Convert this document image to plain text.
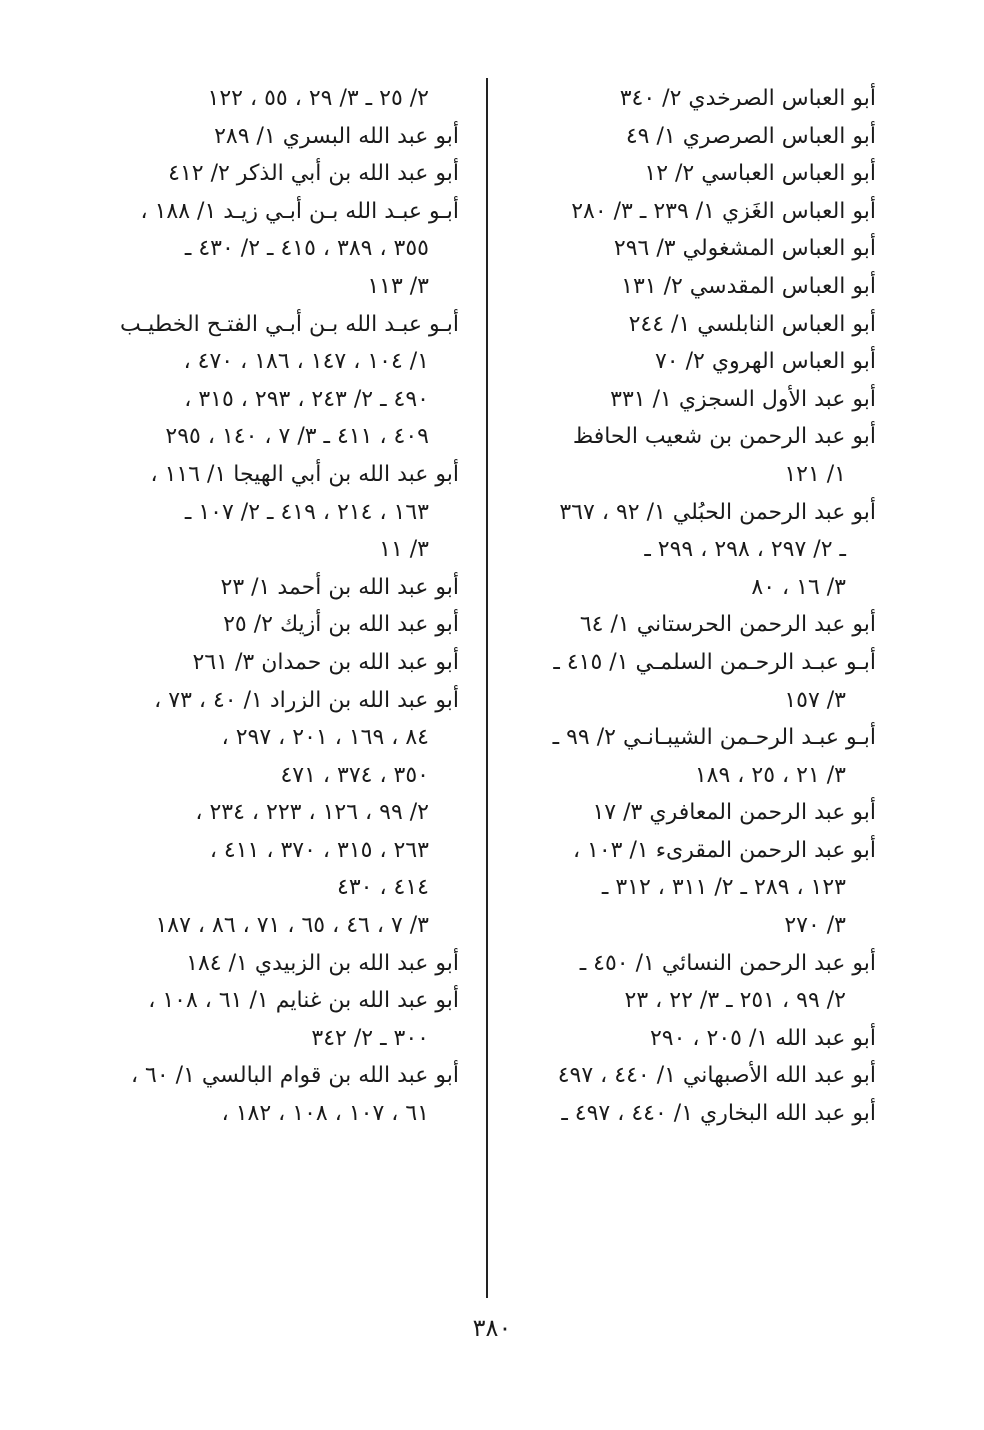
أبو العباس الصرخدي ٢/ ٣٤٠
أبو العباس الصرصري ١/ ٤٩
أبو العباس العباسي ٢/ ١٢
أبو العباس الغَزي ١/ ٢٣٩ ـ ٣/ ٢٨٠
أبو العباس المشغولي ٣/ ٢٩٦
أبو العباس المقدسي ٢/ ١٣١
أبو العباس النابلسي ١/ ٢٤٤
أبو العباس الهروي ٢/ ٧٠
أبو عبد الأول السجزي ١/ ٣٣١
أبو عبد الرحمن بن شعيب الحافظ
١/ ١٢١
أبو عبد الرحمن الحبُلي ١/ ٩٢ ، ٣٦٧
ـ ٢/ ٢٩٧ ، ٢٩٨ ، ٢٩٩ ـ
٣/ ١٦ ، ٨٠
أبو عبد الرحمن الحرستاني ١/ ٦٤
أبـو عبـد الرحـمن السلمـي ١/ ٤١٥ ـ
٣/ ١٥٧
أبـو عبـد الرحـمن الشيبـانـي ٢/ ٩٩ ـ
٣/ ٢١ ، ٢٥ ، ١٨٩
أبو عبد الرحمن المعافري ٣/ ١٧
أبو عبد الرحمن المقرىء ١/ ١٠٣ ،
١٢٣ ، ٢٨٩ ـ ٢/ ٣١١ ، ٣١٢ ـ
٣/ ٢٧٠
أبو عبد الرحمن النسائي ١/ ٤٥٠ ـ
٢/ ٩٩ ، ٢٥١ ـ ٣/ ٢٢ ، ٢٣
أبو عبد الله ١/ ٢٠٥ ، ٢٩٠
أبو عبد الله الأصبهاني ١/ ٤٤٠ ، ٤٩٧
أبو عبد الله البخاري ١/ ٤٤٠ ، ٤٩٧ ـ
٢/ ٢٥ ـ ٣/ ٢٩ ، ٥٥ ، ١٢٢
أبو عبد الله البسري ١/ ٢٨٩
أبو عبد الله بن أبي الذكر ٢/ ٤١٢
أبـو عبـد الله بـن أبـي زيـد ١/ ١٨٨ ،
٣٥٥ ، ٣٨٩ ، ٤١٥ ـ ٢/ ٤٣٠ ـ
٣/ ١١٣
أبـو عبـد الله بـن أبـي الفتـح الخطيـب
١/ ١٠٤ ، ١٤٧ ، ١٨٦ ، ٤٧٠ ،
٤٩٠ ـ ٢/ ٢٤٣ ، ٢٩٣ ، ٣١٥ ،
٤٠٩ ، ٤١١ ـ ٣/ ٧ ، ١٤٠ ، ٢٩٥
أبو عبد الله بن أبي الهيجا ١/ ١١٦ ،
١٦٣ ، ٢١٤ ، ٤١٩ ـ ٢/ ١٠٧ ـ
٣/ ١١
أبو عبد الله بن أحمد ١/ ٢٣
أبو عبد الله بن أزيك ٢/ ٢٥
أبو عبد الله بن حمدان ٣/ ٢٦١
أبو عبد الله بن الزراد ١/ ٤٠ ، ٧٣ ،
٨٤ ، ١٦٩ ، ٢٠١ ، ٢٩٧ ،
٣٥٠ ، ٣٧٤ ، ٤٧١
٢/ ٩٩ ، ١٢٦ ، ٢٢٣ ، ٢٣٤ ،
٢٦٣ ، ٣١٥ ، ٣٧٠ ، ٤١١ ،
٤١٤ ، ٤٣٠
٣/ ٧ ، ٤٦ ، ٦٥ ، ٧١ ، ٨٦ ، ١٨٧
أبو عبد الله بن الزبيدي ١/ ١٨٤
أبو عبد الله بن غنايم ١/ ٦١ ، ١٠٨ ،
٣٠٠ ـ ٢/ ٣٤٢
أبو عبد الله بن قوام البالسي ١/ ٦٠ ،
٦١ ، ١٠٧ ، ١٠٨ ، ١٨٢ ،
٣٨٠
